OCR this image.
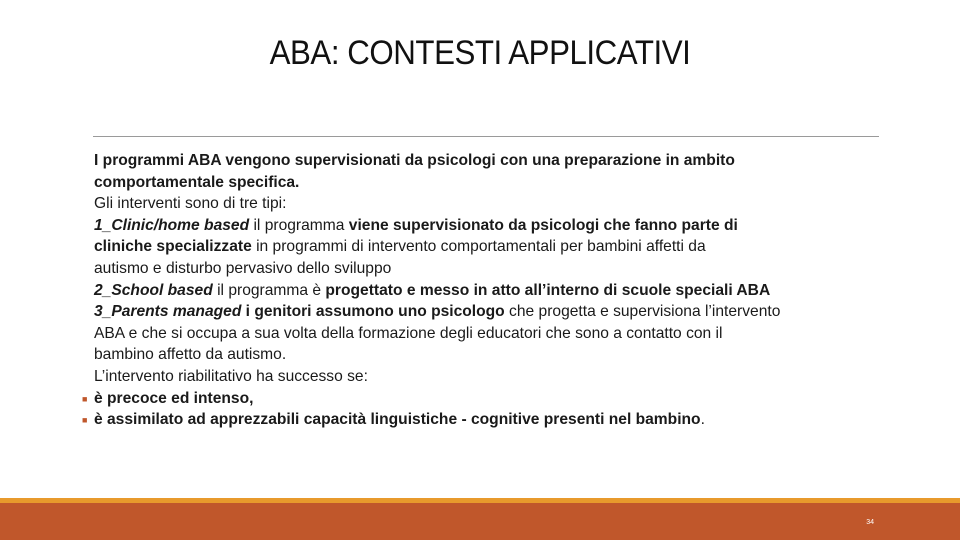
ABA: CONTESTI APPLICATIVI
I programmi ABA vengono supervisionati da psicologi con una preparazione in ambito
comportamentale specifica.
Gli interventi sono di tre tipi:
1_Clinic/home based il programma viene supervisionato da psicologi che fanno parte di
cliniche specializzate in programmi di intervento comportamentali per bambini affetti da
autismo e disturbo pervasivo dello sviluppo
2_School based il programma è progettato e messo in atto all’interno di scuole speciali ABA
3_Parents managed i genitori assumono uno psicologo che progetta e supervisiona l’intervento
ABA e che si occupa a sua volta della formazione degli educatori che sono a contatto con il
bambino affetto da autismo.
L’intervento riabilitativo ha successo se:
■ è precoce ed intenso,
■ è assimilato ad apprezzabili capacità linguistiche - cognitive presenti nel bambino.
34
